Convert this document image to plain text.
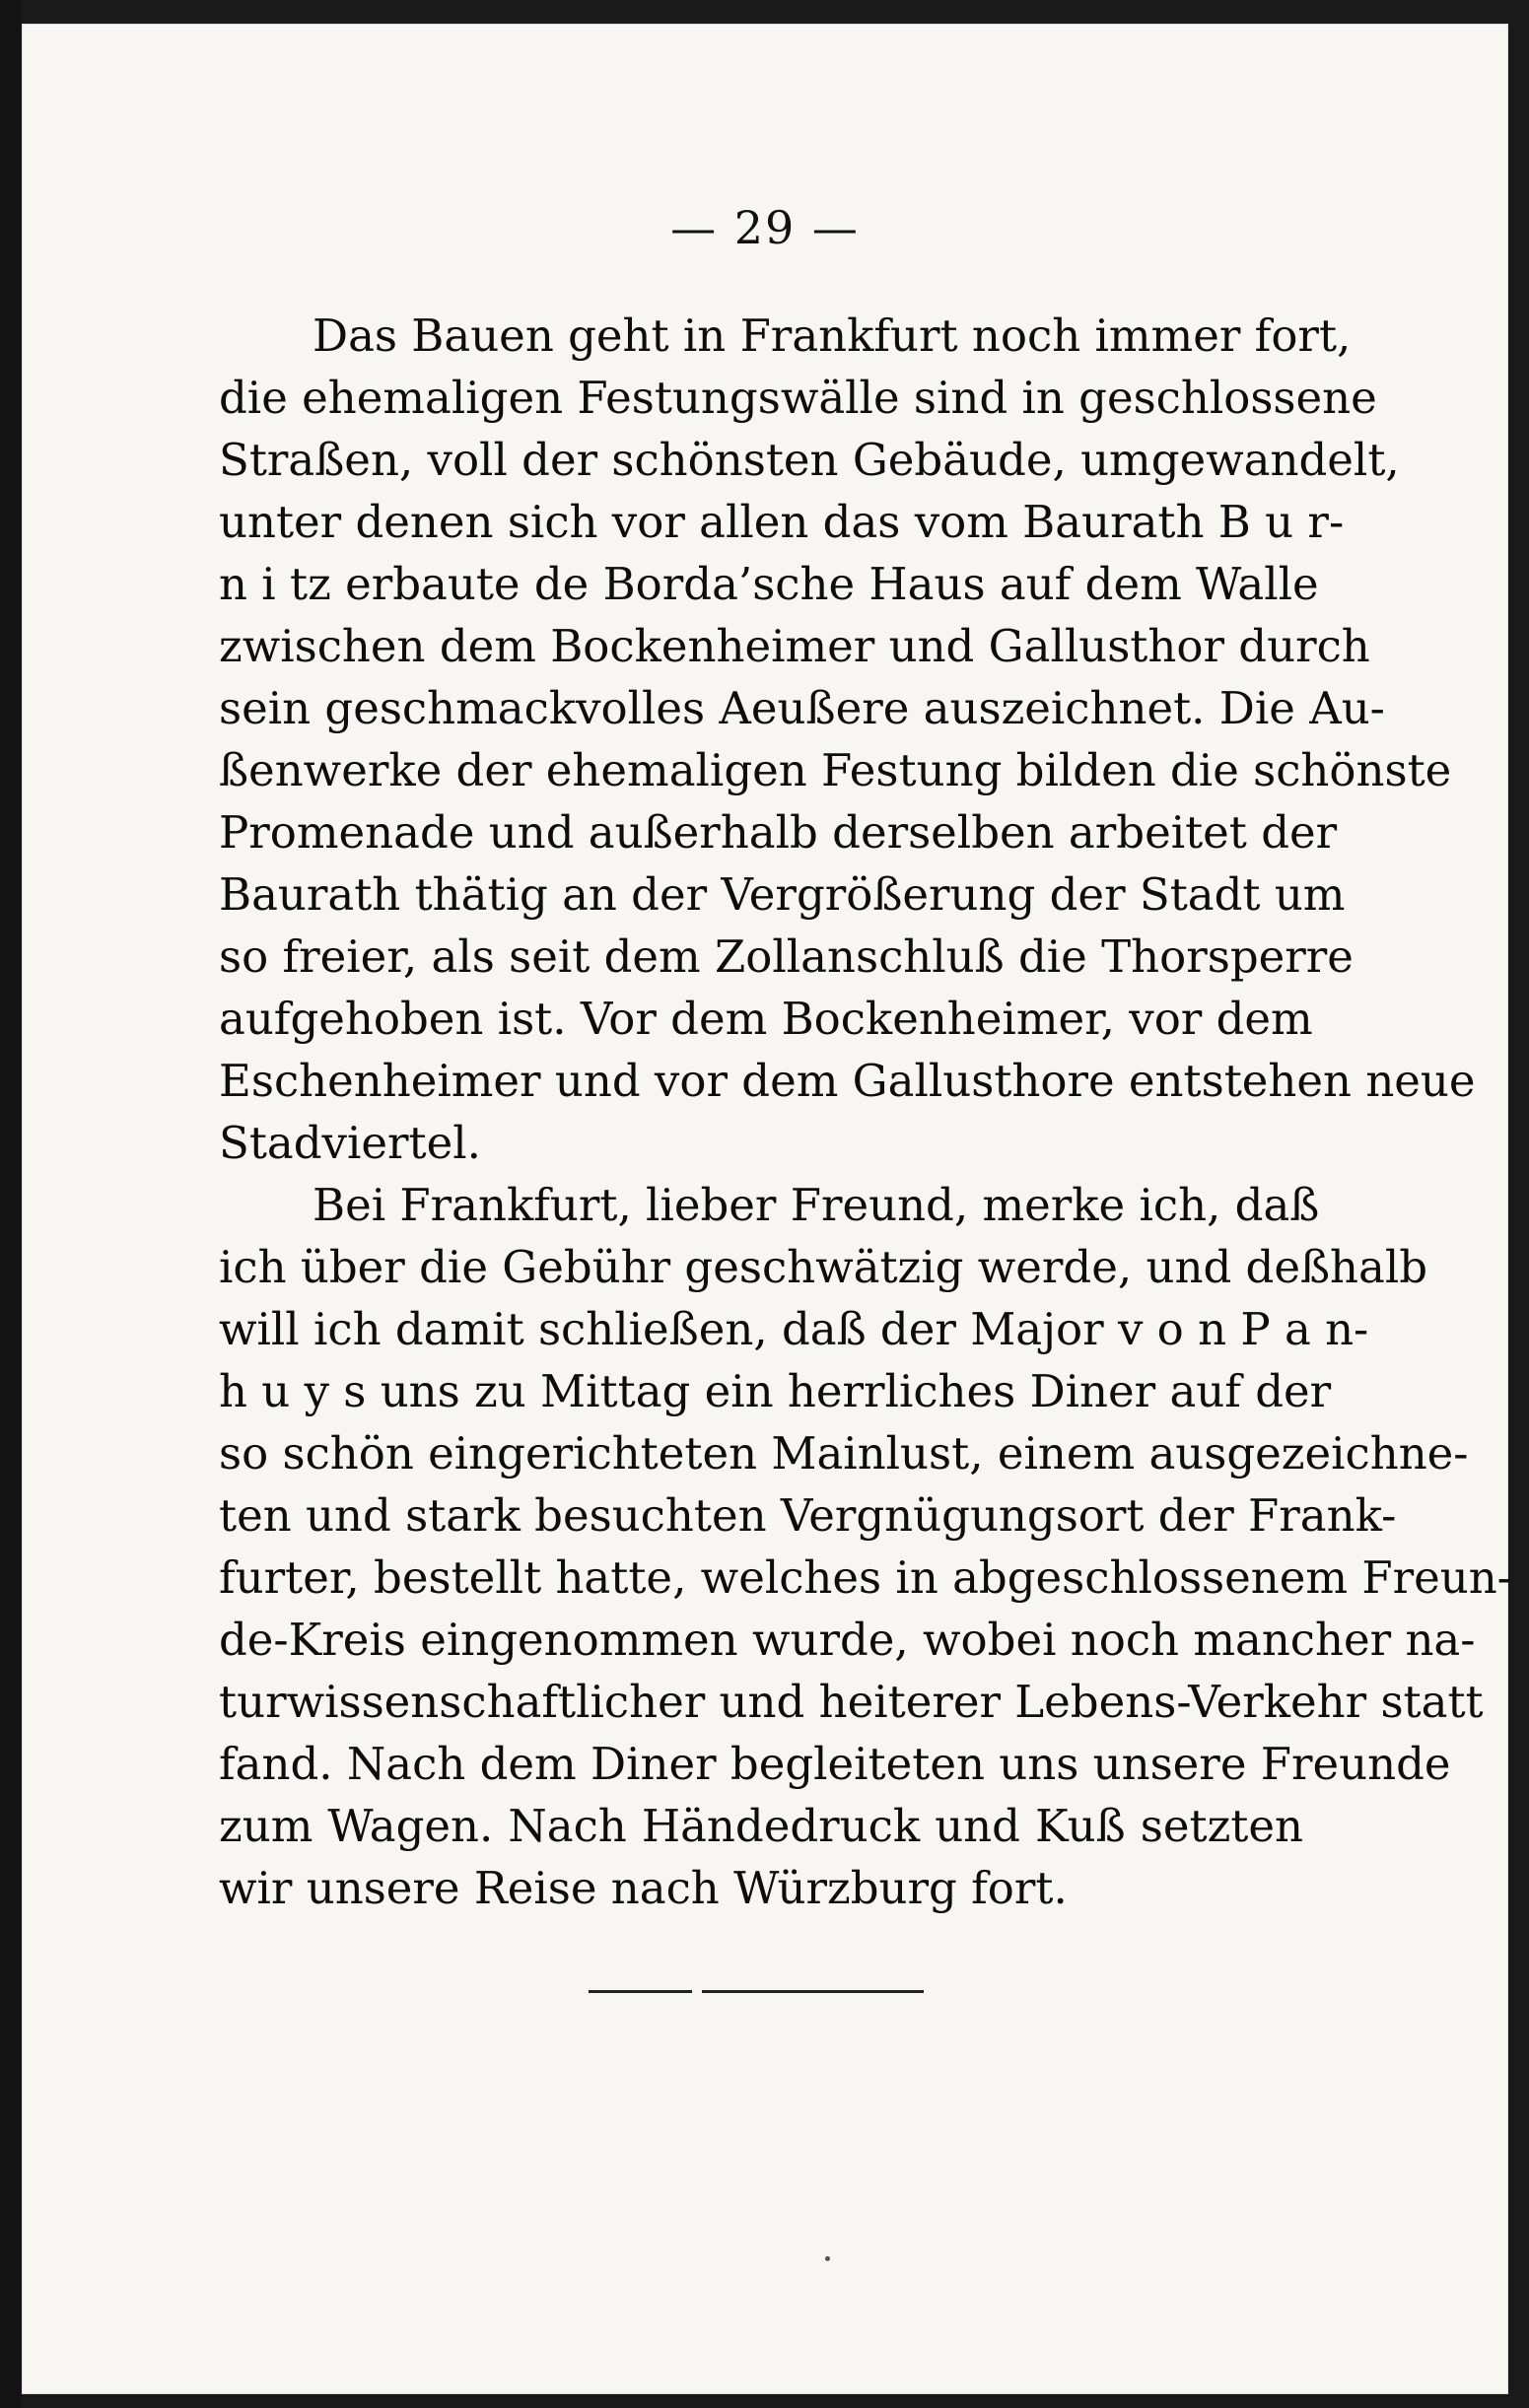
— 29 —
Das Bauen geht in Frankfurt noch immer fort,
die ehemaligen Festungswälle sind in geschlossene
Straßen, voll der schönsten Gebäude, umgewandelt,
unter denen sich vor allen das vom Baurath B u r-
n i tz erbaute de Borda’sche Haus auf dem Walle
zwischen dem Bockenheimer und Gallusthor durch
sein geschmackvolles Aeußere auszeichnet. Die Au-
ßenwerke der ehemaligen Festung bilden die schönste
Promenade und außerhalb derselben arbeitet der
Baurath thätig an der Vergrößerung der Stadt um
so freier, als seit dem Zollanschluß die Thorsperre
aufgehoben ist. Vor dem Bockenheimer, vor dem
Eschenheimer und vor dem Gallusthore entstehen neue
Stadviertel.
Bei Frankfurt, lieber Freund, merke ich, daß
ich über die Gebühr geschwätzig werde, und deßhalb
will ich damit schließen, daß der Major v o n P a n-
h u y s uns zu Mittag ein herrliches Diner auf der
so schön eingerichteten Mainlust, einem ausgezeichne-
ten und stark besuchten Vergnügungsort der Frank-
furter, bestellt hatte, welches in abgeschlossenem Freun-
de-Kreis eingenommen wurde, wobei noch mancher na-
turwissenschaftlicher und heiterer Lebens-Verkehr statt
fand. Nach dem Diner begleiteten uns unsere Freunde
zum Wagen. Nach Händedruck und Kuß setzten
wir unsere Reise nach Würzburg fort.
